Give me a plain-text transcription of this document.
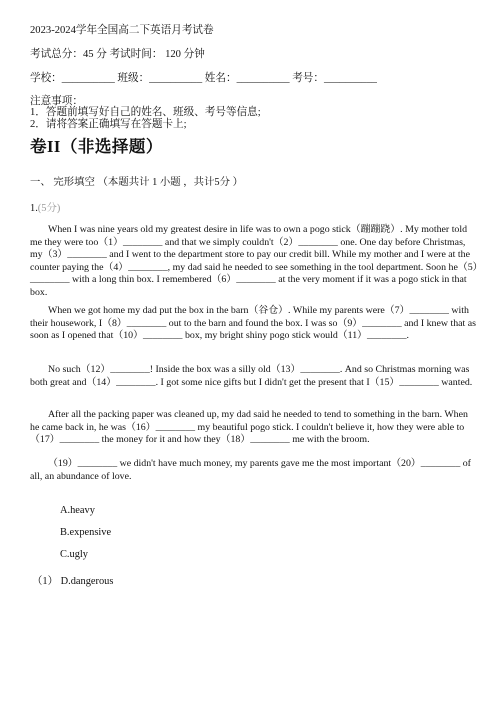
2023-2024学年全国高二下英语月考试卷
考试总分：45 分 考试时间： 120 分钟
学校：__________ 班级：__________ 姓名：__________ 考号：__________
注意事项：
1．答题前填写好自己的姓名、班级、考号等信息;
2．请将答案正确填写在答题卡上;
卷II（非选择题）
一、 完形填空 （本题共计 1 小题 ，共计5分 ）
1.(5分)

When I was nine years old my greatest desire in life was to own a pogo stick（蹦蹦跷）. My mother told me they were too（1）________ and that we simply couldn't（2）________ one. One day before Christmas, my（3）________ and I went to the department store to pay our credit bill. While my mother and I were at the counter paying the（4）________, my dad said he needed to see something in the tool department. Soon he（5）________ with a long thin box. I remembered（6）________ at the very moment if it was a pogo stick in that box.

When we got home my dad put the box in the barn（谷仓）. While my parents were（7）________ with their housework, I（8）________ out to the barn and found the box. I was so（9）________ and I knew that as soon as I opened that（10）________ box, my bright shiny pogo stick would（11）________.

No such（12）________! Inside the box was a silly old（13）________. And so Christmas morning was both great and（14）________. I got some nice gifts but I didn't get the present that I（15）________ wanted.

After all the packing paper was cleaned up, my dad said he needed to tend to something in the barn. When he came back in, he was（16）________ my beautiful pogo stick. I couldn't believe it, how they were able to（17）________ the money for it and how they（18）________ me with the broom.

（19）________ we didn't have much money, my parents gave me the most important（20）________ of all, an abundance of love.

A.heavy
B.expensive
C.ugly
（1） D.dangerous
